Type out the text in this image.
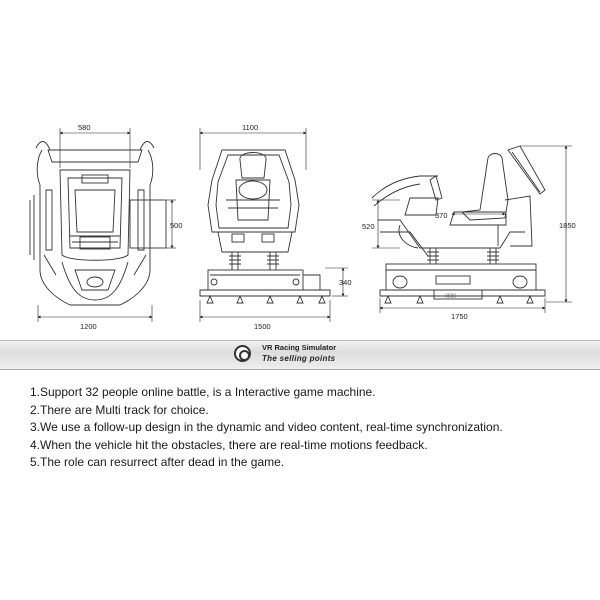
580
500
1200
1100
1500
340
▯▯▯▯
520
370
1850
1750
VR Racing Simulator
The selling points
1.Support 32 people online battle, is a Interactive game machine.
2.There are Multi track for choice.
3.We use a follow-up design in the dynamic and video content, real-time synchronization.
4.When the vehicle hit the obstacles, there are real-time motions feedback.
5.The role can resurrect after dead in the game.
